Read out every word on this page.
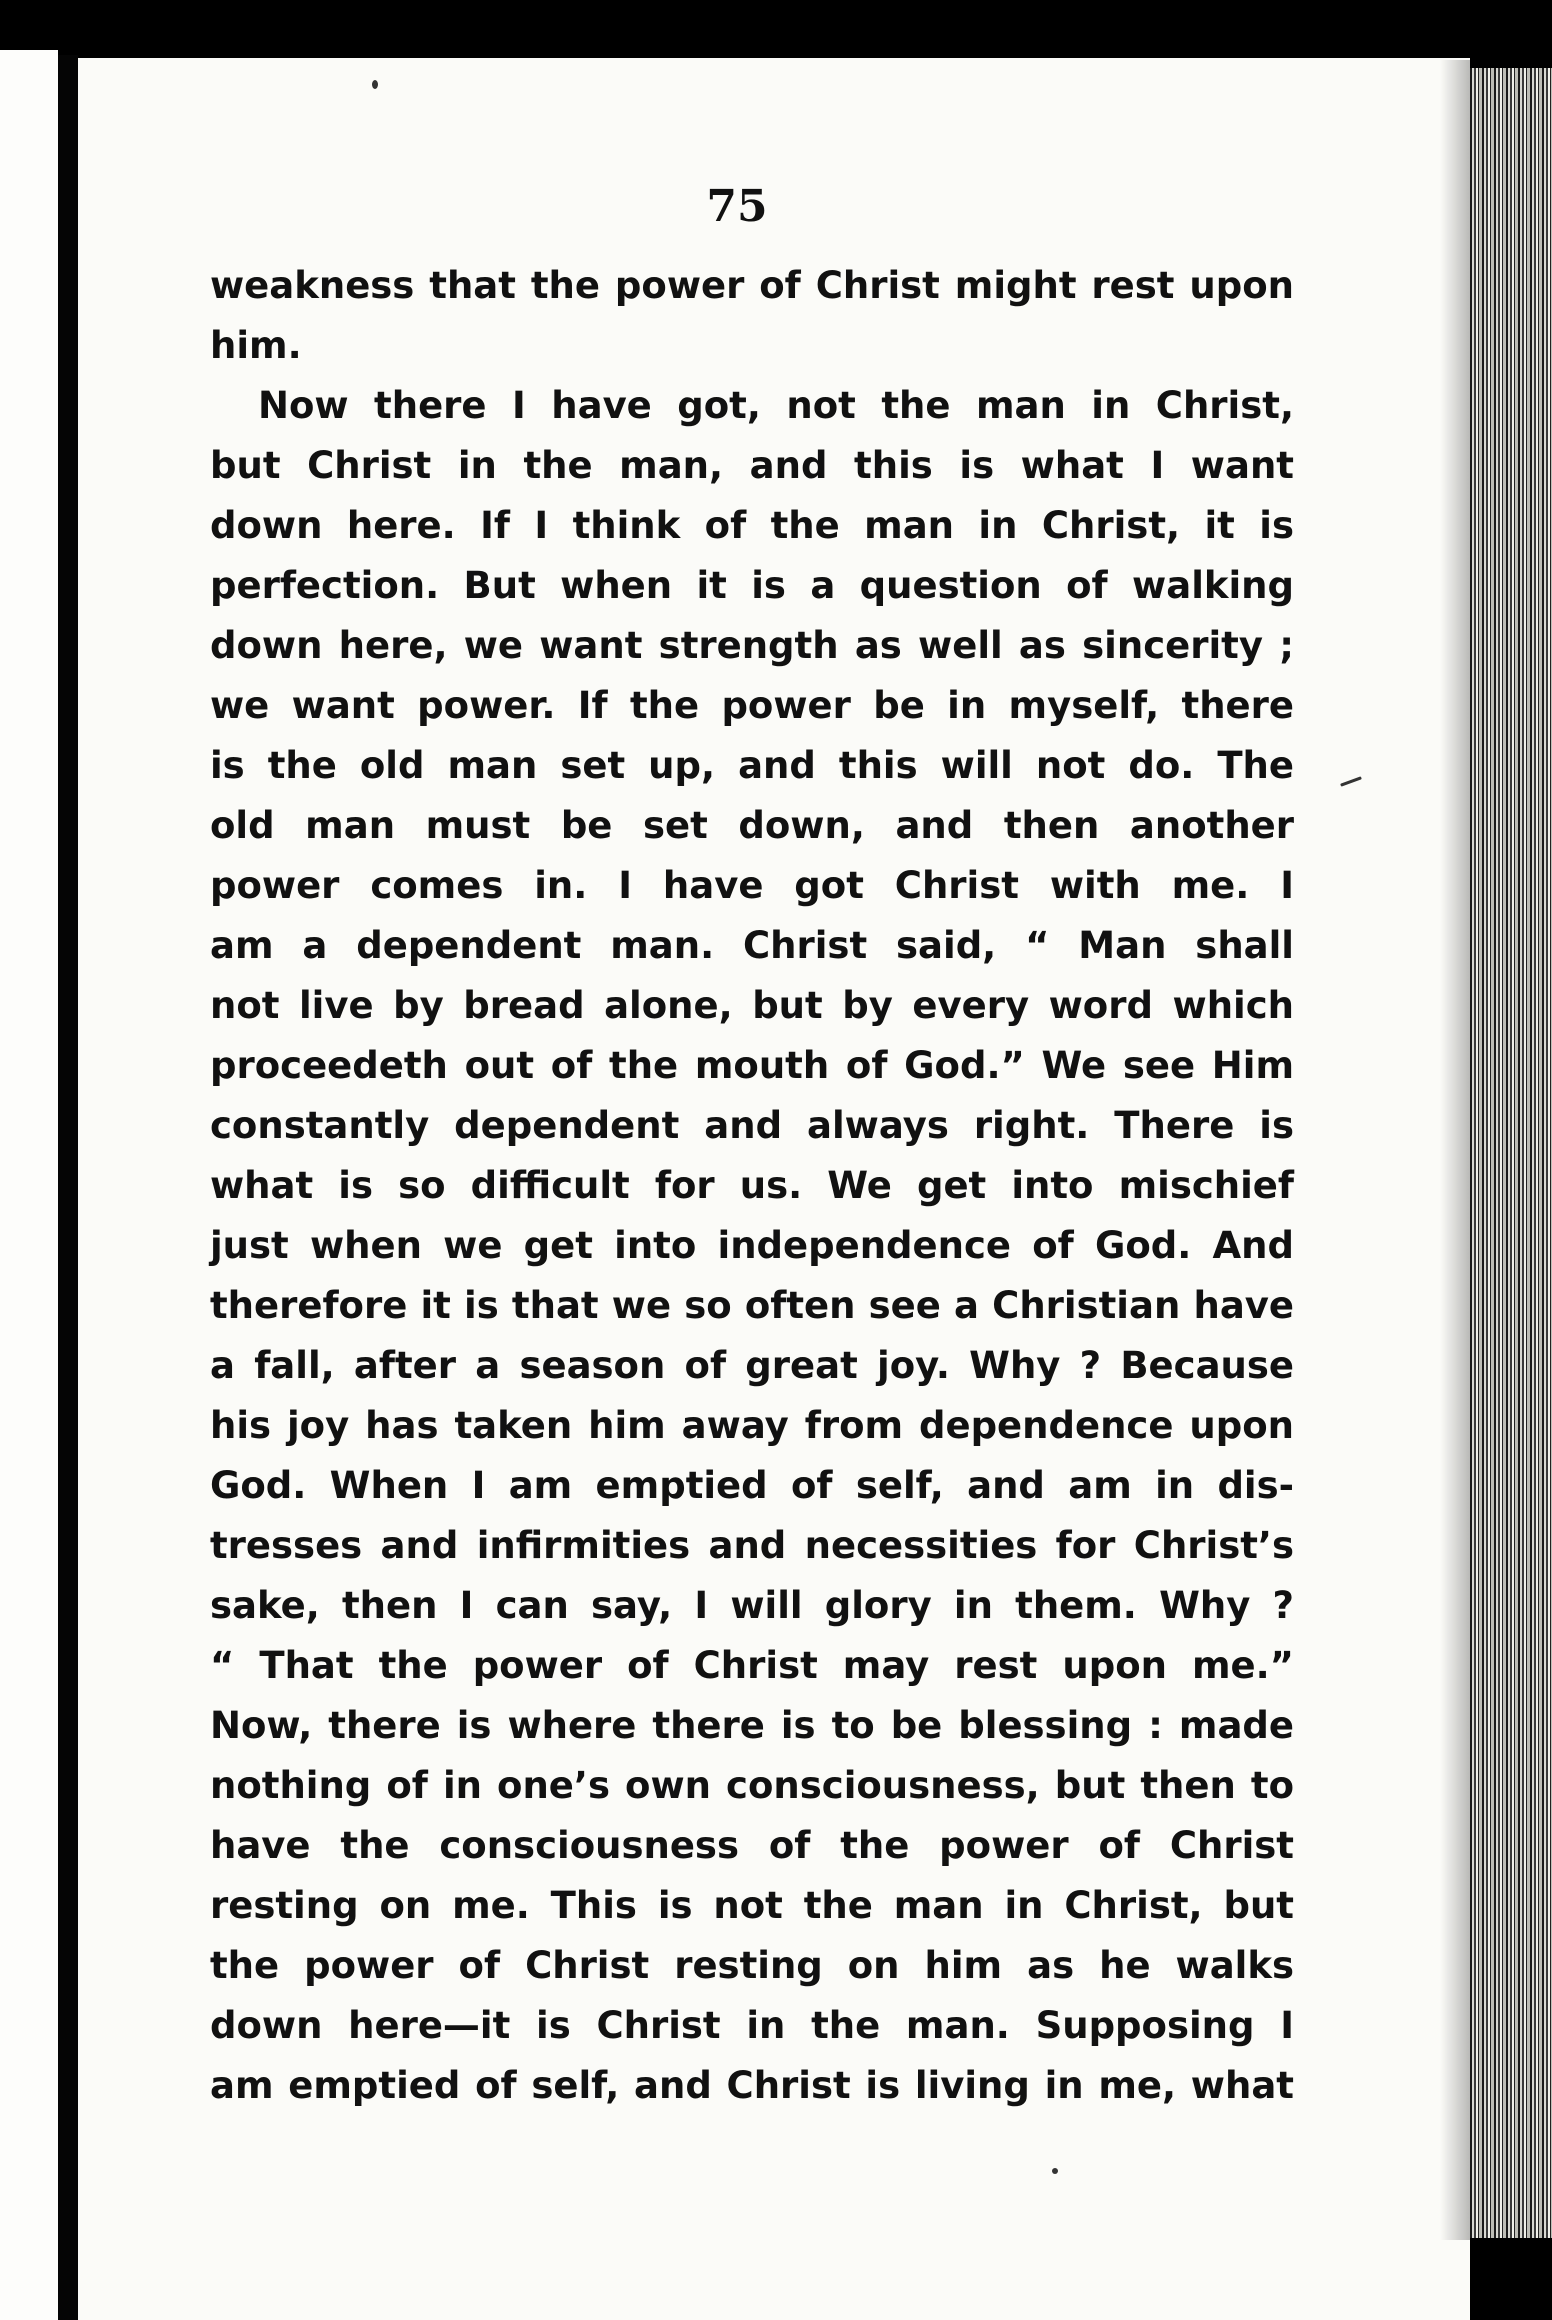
75
weakness that the power of Christ might rest upon
him.
Now there I have got, not the man in Christ,
but Christ in the man, and this is what I want
down here. If I think of the man in Christ, it is
perfection. But when it is a question of walking
down here, we want strength as well as sincerity ;
we want power. If the power be in myself, there
is the old man set up, and this will not do. The
old man must be set down, and then another
power comes in. I have got Christ with me. I
am a dependent man. Christ said, “ Man shall
not live by bread alone, but by every word which
proceedeth out of the mouth of God.” We see Him
constantly dependent and always right. There is
what is so difficult for us. We get into mischief
just when we get into independence of God. And
therefore it is that we so often see a Christian have
a fall, after a season of great joy. Why ? Because
his joy has taken him away from dependence upon
God. When I am emptied of self, and am in dis-
tresses and infirmities and necessities for Christ’s
sake, then I can say, I will glory in them. Why ?
“ That the power of Christ may rest upon me.”
Now, there is where there is to be blessing : made
nothing of in one’s own consciousness, but then to
have the consciousness of the power of Christ
resting on me. This is not the man in Christ, but
the power of Christ resting on him as he walks
down here—it is Christ in the man. Supposing I
am emptied of self, and Christ is living in me, what
